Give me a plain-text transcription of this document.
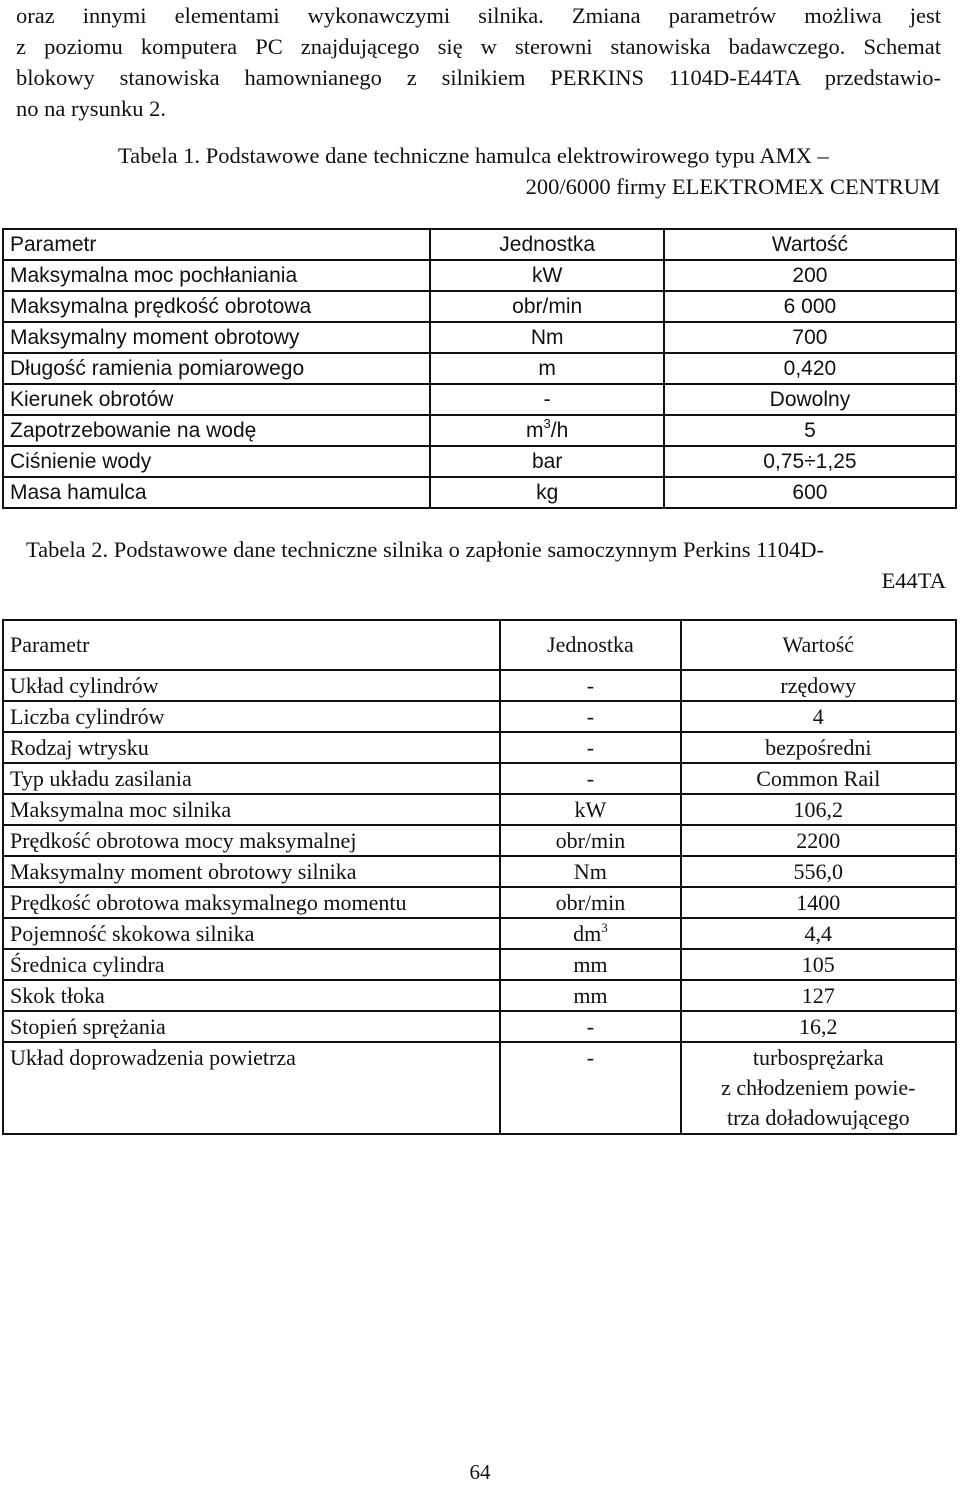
oraz innymi elementami wykonawczymi silnika. Zmiana parametrów możliwa jest
z poziomu komputera PC znajdującego się w sterowni stanowiska badawczego. Schemat
blokowy stanowiska hamownianego z silnikiem PERKINS 1104D-E44TA przedstawio-
no na rysunku 2.
Tabela 1. Podstawowe dane techniczne hamulca elektrowirowego typu AMX –
200/6000 firmy ELEKTROMEX CENTRUM
Parametr	Jednostka	Wartość
Maksymalna moc pochłaniania	kW	200
Maksymalna prędkość obrotowa	obr/min	6 000
Maksymalny moment obrotowy	Nm	700
Długość ramienia pomiarowego	m	0,420
Kierunek obrotów	-	Dowolny
Zapotrzebowanie na wodę	$m^3/h$	5
Ciśnienie wody	bar	0,75÷1,25
Masa hamulca	kg	600
Tabela 2. Podstawowe dane techniczne silnika o zapłonie samoczynnym Perkins 1104D-
E44TA
Parametr	Jednostka	Wartość
Układ cylindrów	-	rzędowy
Liczba cylindrów	-	4
Rodzaj wtrysku	-	bezpośredni
Typ układu zasilania	-	Common Rail
Maksymalna moc silnika	kW	106,2
Prędkość obrotowa mocy maksymalnej	obr/min	2200
Maksymalny moment obrotowy silnika	Nm	556,0
Prędkość obrotowa maksymalnego momentu	obr/min	1400
Pojemność skokowa silnika	$dm^3$	4,4
Średnica cylindra	mm	105
Skok tłoka	mm	127
Stopień sprężania	-	16,2
Układ doprowadzenia powietrza	-	turbosprężarka
z chłodzeniem powie-
trza doładowującego
64
